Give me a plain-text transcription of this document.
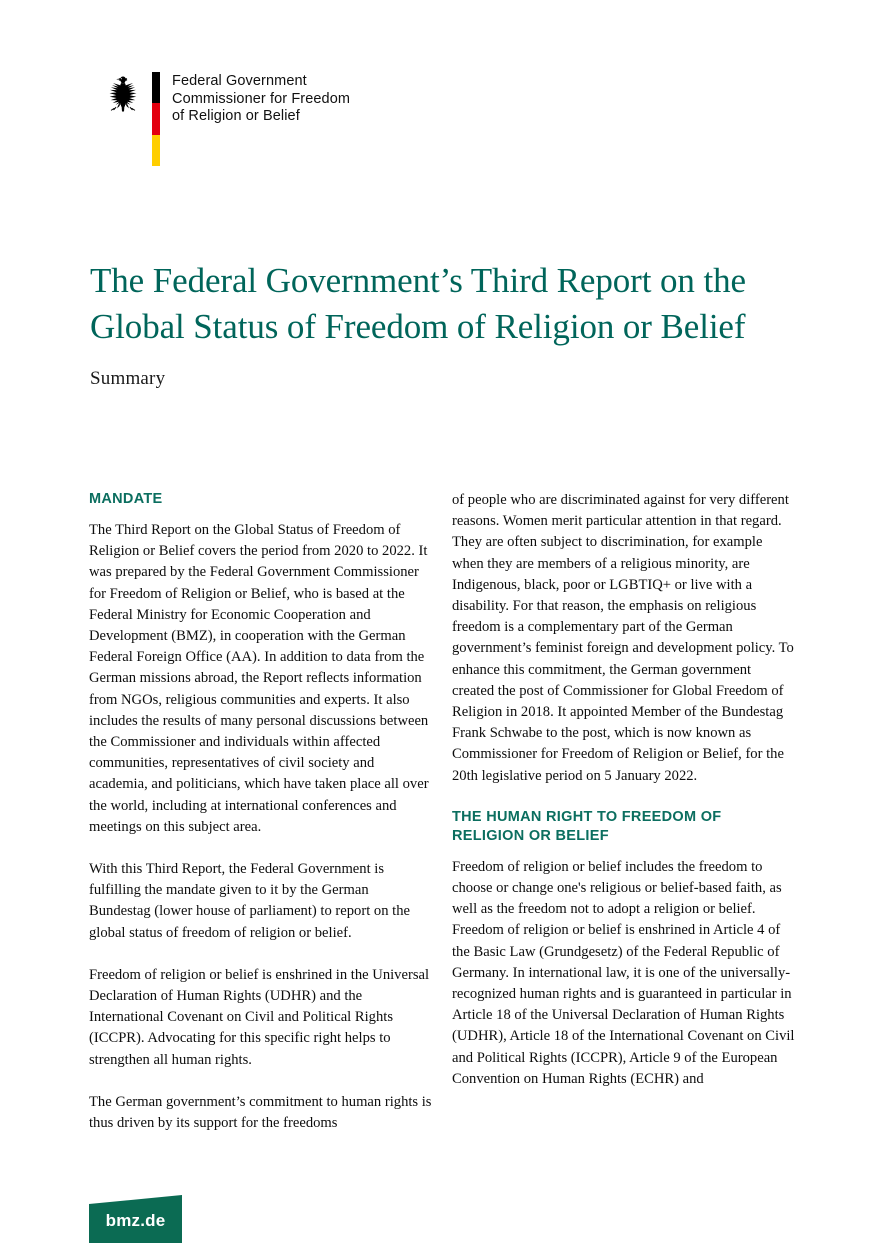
Federal Government
Commissioner for Freedom
of Religion or Belief
The Federal Government’s Third Report on the Global Status of Freedom of Religion or Belief
Summary
MANDATE

The Third Report on the Global Status of Freedom of Religion or Belief covers the period from 2020 to 2022. It was prepared by the Federal Government Commissioner for Freedom of Religion or Belief, who is based at the Federal Ministry for Economic Cooperation and Development (BMZ), in cooperation with the German Federal Foreign Office (AA). In addition to data from the German missions abroad, the Report reflects information from NGOs, religious communities and experts. It also includes the results of many personal discussions between the Commissioner and individuals within affected communities, representatives of civil society and academia, and politicians, which have taken place all over the world, including at international conferences and meetings on this subject area.

With this Third Report, the Federal Government is fulfilling the mandate given to it by the German Bundestag (lower house of parliament) to report on the global status of freedom of religion or belief.

Freedom of religion or belief is enshrined in the Universal Declaration of Human Rights (UDHR) and the International Covenant on Civil and Political Rights (ICCPR). Advocating for this specific right helps to strengthen all human rights.

The German government’s commitment to human rights is thus driven by its support for the freedoms

of people who are discriminated against for very different reasons. Women merit particular attention in that regard. They are often subject to discrimination, for example when they are members of a religious minority, are Indigenous, black, poor or LGBTIQ+ or live with a disability. For that reason, the emphasis on religious freedom is a complementary part of the German government’s feminist foreign and development policy. To enhance this commitment, the German government created the post of Commissioner for Global Freedom of Religion in 2018. It appointed Member of the Bundestag Frank Schwabe to the post, which is now known as Commissioner for Freedom of Religion or Belief, for the 20th legislative period on 5 January 2022.

THE HUMAN RIGHT TO FREEDOM OF RELIGION OR BELIEF

Freedom of religion or belief includes the freedom to choose or change one's religious or belief-based faith, as well as the freedom not to adopt a religion or belief. Freedom of religion or belief is enshrined in Article 4 of the Basic Law (Grundgesetz) of the Federal Republic of Germany. In international law, it is one of the universally-recognized human rights and is guaranteed in particular in Article 18 of the Universal Declaration of Human Rights (UDHR), Article 18 of the International Covenant on Civil and Political Rights (ICCPR), Article 9 of the European Convention on Human Rights (ECHR) and

bmz.de
